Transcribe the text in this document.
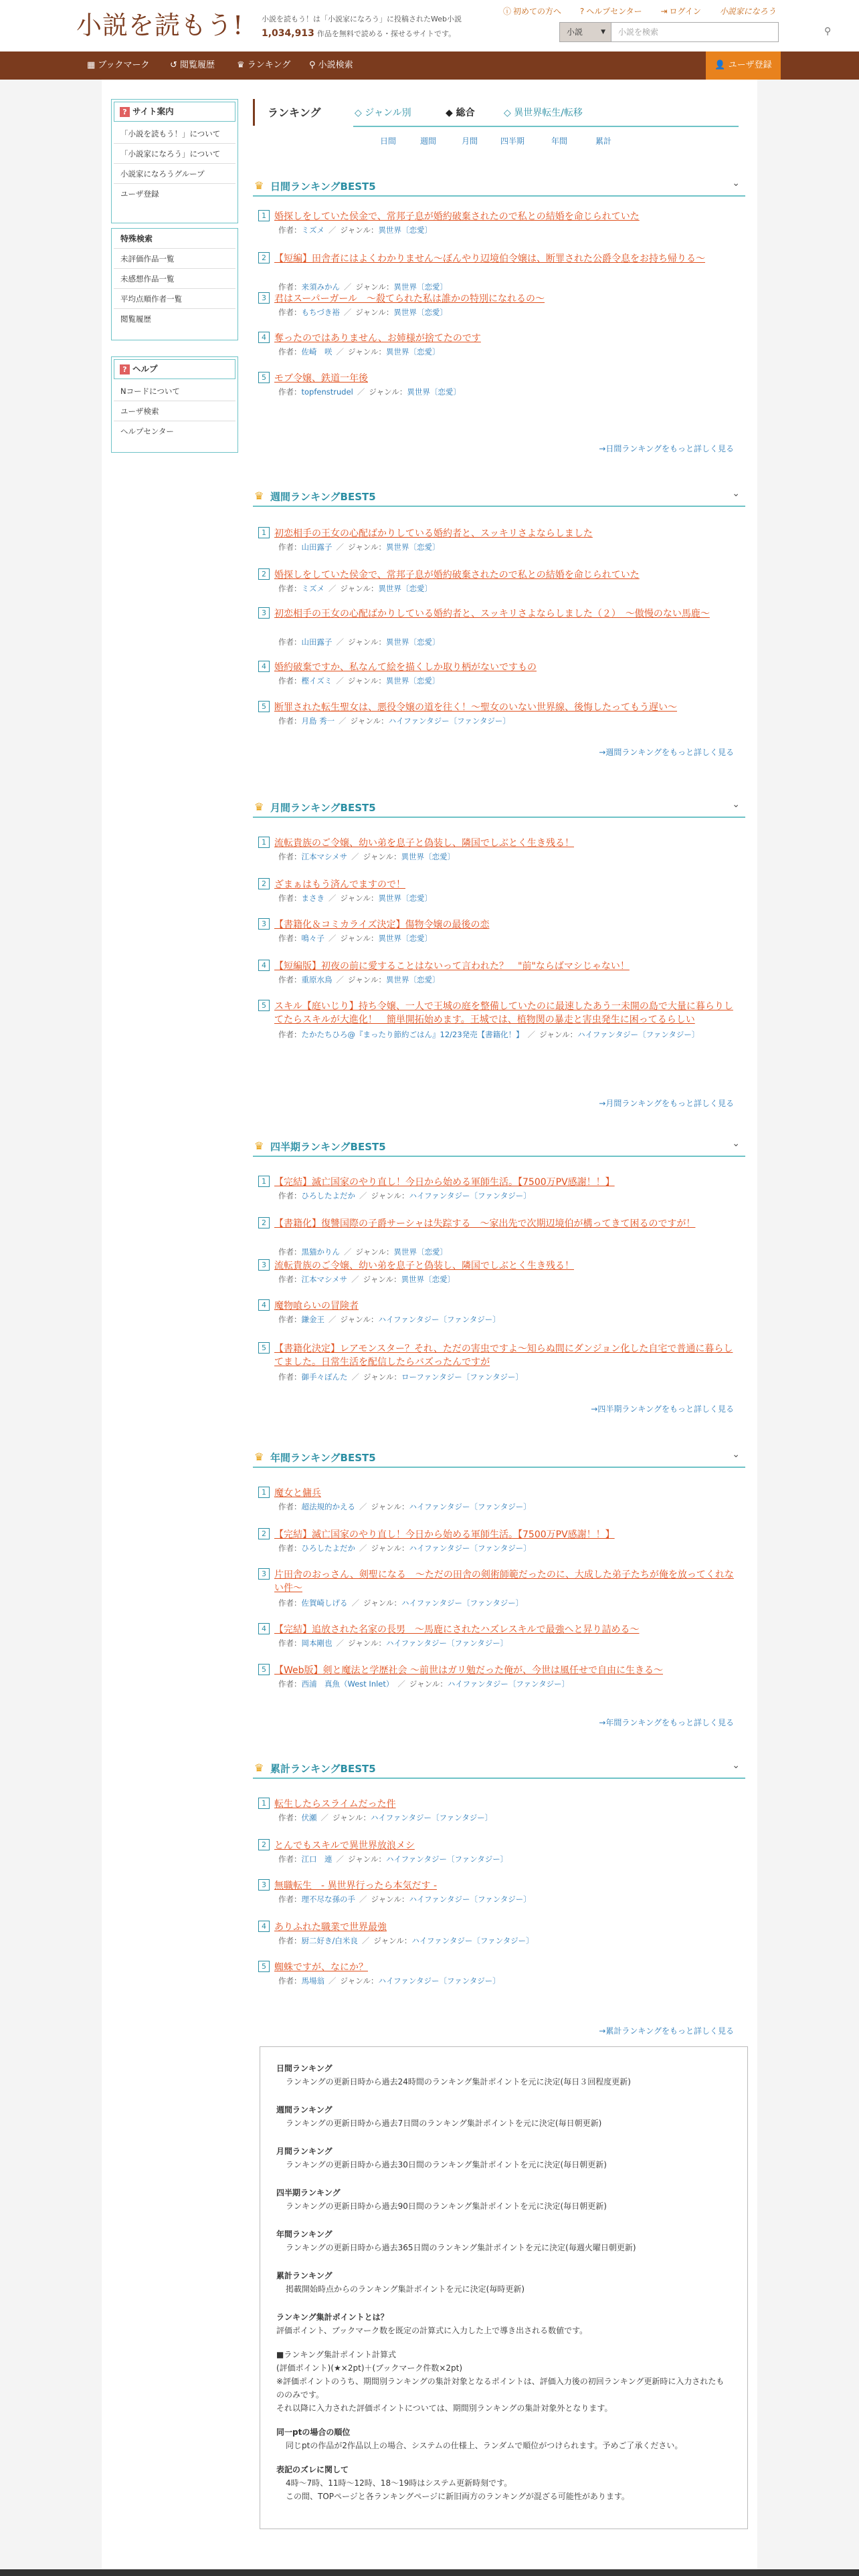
小説を読もう! 小説を読もう！は「小説家になろう」に投稿されたWeb小説
1,034,913 作品を無料で読める・探せるサイトです。
ⓘ 初めての方へ ? ヘルプセンター ⇥ ログイン 小説家になろう
小説	▼	小説を検索	⚲
▦ ブックマーク ↺ 閲覧履歴	♛ ランキング ⚲ 小説検索	👤 ユーザ登録
? サイト案内
「小説を読もう！」について
「小説家になろう」について
小説家になろうグループ
ユーザ登録
特殊検索
未評価作品一覧
未感想作品一覧
平均点順作者一覧
閲覧履歴
? ヘルプ
Nコードについて
ユーザ検索
ヘルプセンター
ランキング	◇ ジャンル別	◆ 総合	◇ 異世界転生/転移
日間	週間	月間	四半期	年間	累計
♛ 日間ランキングBEST5	⌄
1 婚探しをしていた侯金で、常邦子息が婚約破棄されたので私との結婚を命じられていた
作者：ミズメ ／ ジャンル：異世界〔恋愛〕
2 【短編】田舎者にはよくわかりません〜ぼんやり辺境伯令嬢は、断罪された公爵令息をお持ち帰りる〜
作者：来須みかん ／ ジャンル：異世界〔恋愛〕
3 君はスーパーガール　〜殺てられた私は誰かの特別になれるの〜
作者：もちづき裕 ／ ジャンル：異世界〔恋愛〕
4 奪ったのではありません、お姉様が捨てたのです
作者：佐崎　咲 ／ ジャンル：異世界〔恋愛〕
5 モブ令嬢、鉄道一年後
作者：topfenstrudel ／ ジャンル：異世界〔恋愛〕
→日間ランキングをもっと詳しく見る
♛ 週間ランキングBEST5	⌄
1 初恋相手の王女の心配ばかりしている婚約者と、スッキリさよならしました
作者：山田露子 ／ ジャンル：異世界〔恋愛〕
2 婚探しをしていた侯金で、常邦子息が婚約破棄されたので私との結婚を命じられていた
作者：ミズメ ／ ジャンル：異世界〔恋愛〕
3 初恋相手の王女の心配ばかりしている婚約者と、スッキリさよならしました（２）　〜傲慢のない馬鹿〜
作者：山田露子 ／ ジャンル：異世界〔恋愛〕
4 婚約破棄ですか、私なんて絵を描くしか取り柄がないですもの
作者：樫イズミ ／ ジャンル：異世界〔恋愛〕
5 断罪された転生聖女は、悪役令嬢の道を往く！〜聖女のいない世界線、後悔したってもう遅い〜
作者：月島 秀一 ／ ジャンル：ハイファンタジー〔ファンタジー〕
→週間ランキングをもっと詳しく見る
♛ 月間ランキングBEST5	⌄
1 流転貴族のご令嬢、幼い弟を息子と偽装し、隣国でしぶとく生き残る！
作者：江本マシメサ ／ ジャンル：異世界〔恋愛〕
2 ざまぁはもう済んでますので！
作者：まさき ／ ジャンル：異世界〔恋愛〕
3 【書籍化＆コミカライズ決定】傷物令嬢の最後の恋
作者：鳴々子 ／ ジャンル：異世界〔恋愛〕
4 【短編版】初夜の前に愛することはないって言われた？　"前"ならばマシじゃない！
作者：重原水鳥 ／ ジャンル：異世界〔恋愛〕
5 スキル【庭いじり】持ち令嬢、一人で王城の庭を整備していたのに最速したあう一未開の島で大量に暮らりしてたらスキルが大進化！　簡単開拓始めます。王城では、植物関の暴走と害虫発生に困ってるらしい
作者：たかたちひろ@『まったり節約ごはん』12/23発売【書籍化！】 ／ ジャンル：ハイファンタジー〔ファンタジー〕
→月間ランキングをもっと詳しく見る
♛ 四半期ランキングBEST5	⌄
1 【完結】滅亡国家のやり直し！今日から始める軍師生活。【7500万PV感謝！！】
作者：ひろしたよだか ／ ジャンル：ハイファンタジー〔ファンタジー〕
2 【書籍化】復讐国際の子爵サーシャは失踪する　〜家出先で次期辺境伯が構ってきて困るのですが！
作者：黒猫かりん ／ ジャンル：異世界〔恋愛〕
3 流転貴族のご令嬢、幼い弟を息子と偽装し、隣国でしぶとく生き残る！
作者：江本マシメサ ／ ジャンル：異世界〔恋愛〕
4 魔物喰らいの冒険者
作者：鎌金王 ／ ジャンル：ハイファンタジー〔ファンタジー〕
5 【書籍化決定】レアモンスター？それ、ただの害虫ですよ〜知らぬ間にダンジョン化した自宅で普通に暮らしてました。日常生活を配信したらバズったんですが
作者：御手々ぽんた ／ ジャンル：ローファンタジー〔ファンタジー〕
→四半期ランキングをもっと詳しく見る
♛ 年間ランキングBEST5	⌄
1 魔女と傭兵
作者：超法規的かえる ／ ジャンル：ハイファンタジー〔ファンタジー〕
2 【完結】滅亡国家のやり直し！今日から始める軍師生活。【7500万PV感謝！！】
作者：ひろしたよだか ／ ジャンル：ハイファンタジー〔ファンタジー〕
3 片田舎のおっさん、剣聖になる　〜ただの田舎の剣術師範だったのに、大成した弟子たちが俺を放ってくれない件〜
作者：佐賀崎しげる ／ ジャンル：ハイファンタジー〔ファンタジー〕
4 【完結】追放された名家の長男　〜馬鹿にされたハズレスキルで最強へと昇り詰める〜
作者：岡本剛也 ／ ジャンル：ハイファンタジー〔ファンタジー〕
5 【Web版】剣と魔法と学歴社会 〜前世はガリ勉だった俺が、今世は風任せで自由に生きる〜
作者：西浦　真魚（West Inlet） ／ ジャンル：ハイファンタジー〔ファンタジー〕
→年間ランキングをもっと詳しく見る
♛ 累計ランキングBEST5	⌄
1 転生したらスライムだった件
作者：伏瀬 ／ ジャンル：ハイファンタジー〔ファンタジー〕
2 とんでもスキルで異世界放浪メシ
作者：江口　連 ／ ジャンル：ハイファンタジー〔ファンタジー〕
3 無職転生　- 異世界行ったら本気だす -
作者：理不尽な孫の手 ／ ジャンル：ハイファンタジー〔ファンタジー〕
4 ありふれた職業で世界最強
作者：厨二好き/白米良 ／ ジャンル：ハイファンタジー〔ファンタジー〕
5 蜘蛛ですが、なにか？
作者：馬場翁 ／ ジャンル：ハイファンタジー〔ファンタジー〕
→累計ランキングをもっと詳しく見る
日間ランキング
ランキングの更新日時から過去24時間のランキング集計ポイントを元に決定(毎日３回程度更新)
週間ランキング
ランキングの更新日時から過去7日間のランキング集計ポイントを元に決定(毎日朝更新)
月間ランキング
ランキングの更新日時から過去30日間のランキング集計ポイントを元に決定(毎日朝更新)
四半期ランキング
ランキングの更新日時から過去90日間のランキング集計ポイントを元に決定(毎日朝更新)
年間ランキング
ランキングの更新日時から過去365日間のランキング集計ポイントを元に決定(毎週火曜日朝更新)
累計ランキング
掲載開始時点からのランキング集計ポイントを元に決定(毎時更新)
ランキング集計ポイントとは？
評価ポイント、ブックマーク数を既定の計算式に入力した上で導き出される数値です。
■ランキング集計ポイント計算式
(評価ポイント)(★×2pt)＋(ブックマーク件数×2pt)
※評価ポイントのうち、期間別ランキングの集計対象となるポイントは、評価入力後の初回ランキング更新時に入力されたもののみです。
それ以降に入力された評価ポイントについては、期間別ランキングの集計対象外となります。
同一ptの場合の順位
同じptの作品が2作品以上の場合、システムの仕様上、ランダムで順位がつけられます。予めご了承ください。
表記のズレに関して
4時〜7時、11時〜12時、18〜19時はシステム更新時刻です。
この間、TOPページと各ランキングページに新旧両方のランキングが混ざる可能性があります。
